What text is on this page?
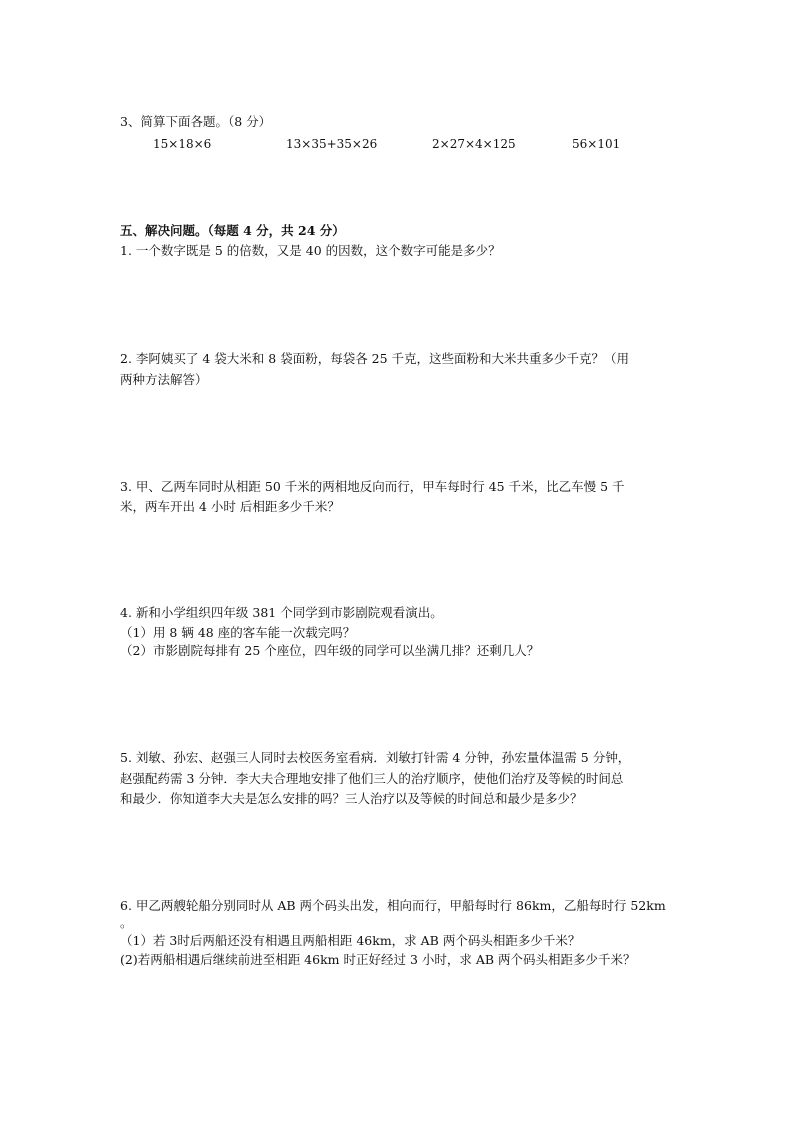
3、简算下面各题。（8 分）
15×18×6	13×35+35×26	2×27×4×125	56×101
五、解决问题。（每题 4 分，共 24 分）
1. 一个数字既是 5 的倍数，又是 40 的因数，这个数字可能是多少？
2. 李阿姨买了 4 袋大米和 8 袋面粉，每袋各 25 千克，这些面粉和大米共重多少千克？（用
两种方法解答）
3. 甲、乙两车同时从相距 50 千米的两相地反向而行，甲车每时行 45 千米，比乙车慢 5 千
米，两车开出 4 小时 后相距多少千米？
4. 新和小学组织四年级 381 个同学到市影剧院观看演出。
（1）用 8 辆 48 座的客车能一次载完吗？
（2）市影剧院每排有 25 个座位，四年级的同学可以坐满几排？还剩几人？
5. 刘敏、孙宏、赵强三人同时去校医务室看病．刘敏打针需 4 分钟，孙宏量体温需 5 分钟，
赵强配药需 3 分钟．李大夫合理地安排了他们三人的治疗顺序，使他们治疗及等候的时间总
和最少．你知道李大夫是怎么安排的吗？三人治疗以及等候的时间总和最少是多少？
6. 甲乙两艘轮船分别同时从 AB 两个码头出发，相向而行，甲船每时行 86km，乙船每时行 52km
。
（1）若 3时后两船还没有相遇且两船相距 46km，求 AB 两个码头相距多少千米？
(2)若两船相遇后继续前进至相距 46km 时正好经过 3 小时，求 AB 两个码头相距多少千米？
